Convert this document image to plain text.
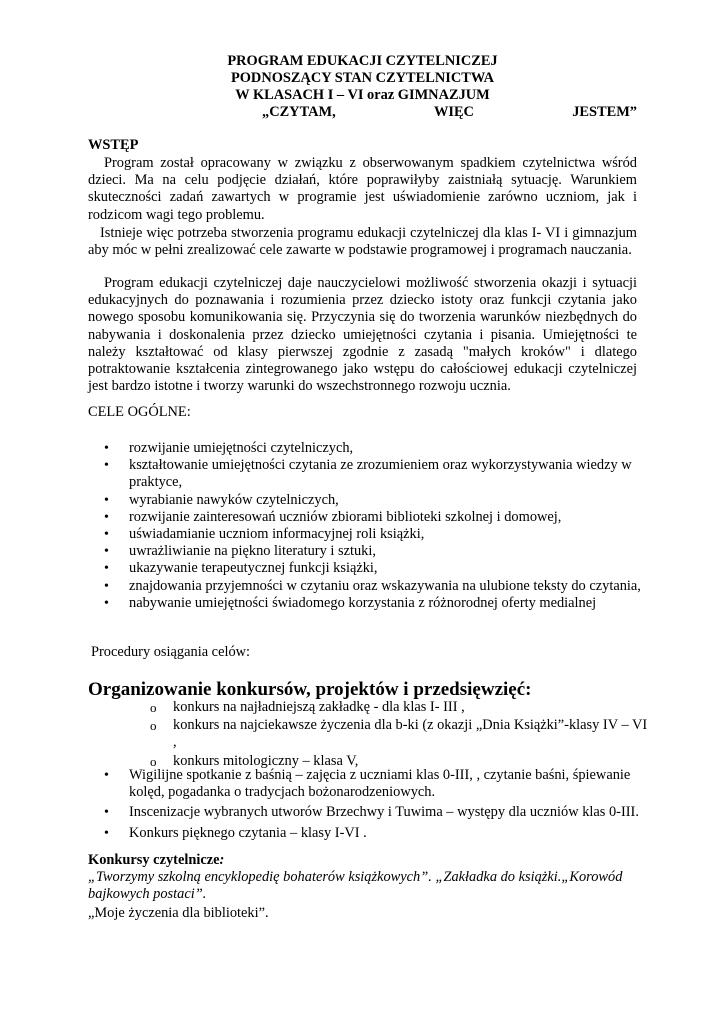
PROGRAM EDUKACJI CZYTELNICZEJ
PODNOSZĄCY STAN CZYTELNICTWA
W KLASACH I – VI oraz GIMNAZJUM
„CZYTAM,	WIĘC	JESTEM”
WSTĘP

Program został opracowany w związku z obserwowanym spadkiem czytelnictwa wśród dzieci. Ma na celu podjęcie działań, które poprawiłyby zaistniałą sytuację. Warunkiem skuteczności zadań zawartych w programie jest uświadomienie zarówno uczniom, jak i rodzicom wagi tego problemu.

Istnieje więc potrzeba stworzenia programu edukacji czytelniczej dla klas I- VI i gimnazjum aby móc w pełni zrealizować cele zawarte w podstawie programowej i programach nauczania.

Program edukacji czytelniczej daje nauczycielowi możliwość stworzenia okazji i sytuacji edukacyjnych do poznawania i rozumienia przez dziecko istoty oraz funkcji czytania jako nowego sposobu komunikowania się. Przyczynia się do tworzenia warunków niezbędnych do nabywania i doskonalenia przez dziecko umiejętności czytania i pisania. Umiejętności te należy kształtować od klasy pierwszej zgodnie z zasadą "małych kroków" i dlatego potraktowanie kształcenia zintegrowanego jako wstępu do całościowej edukacji czytelniczej jest bardzo istotne i tworzy warunki do wszechstronnego rozwoju ucznia.

CELE OGÓLNE:

• rozwijanie umiejętności czytelniczych,
• kształtowanie umiejętności czytania ze zrozumieniem oraz wykorzystywania wiedzy w praktyce,
• wyrabianie nawyków czytelniczych,
• rozwijanie zainteresowań uczniów zbiorami biblioteki szkolnej i domowej,
• uświadamianie uczniom informacyjnej roli książki,
• uwrażliwianie na piękno literatury i sztuki,
• ukazywanie terapeutycznej funkcji książki,
• znajdowania przyjemności w czytaniu oraz wskazywania na ulubione teksty do czytania,
• nabywanie umiejętności świadomego korzystania z różnorodnej oferty medialnej

Procedury osiągania celów:

Organizowanie konkursów, projektów i przedsięwzięć:
o konkurs na najładniejszą zakładkę - dla klas I- III ,
o konkurs na najciekawsze życzenia dla b-ki (z okazji „Dnia Książki”-klasy IV – VI ,
o konkurs mitologiczny – klasa V,
• Wigilijne spotkanie z baśnią – zajęcia z uczniami klas 0-III, , czytanie baśni, śpiewanie kolęd, pogadanka o tradycjach bożonarodzeniowych.
• Inscenizacje wybranych utworów Brzechwy i Tuwima – występy dla uczniów klas 0-III.
• Konkurs pięknego czytania – klasy I-VI .

Konkursy czytelnicze:

„Tworzymy szkolną encyklopedię bohaterów książkowych”. „Zakładka do książki.„Korowód bajkowych postaci”.

„Moje życzenia dla biblioteki”.
